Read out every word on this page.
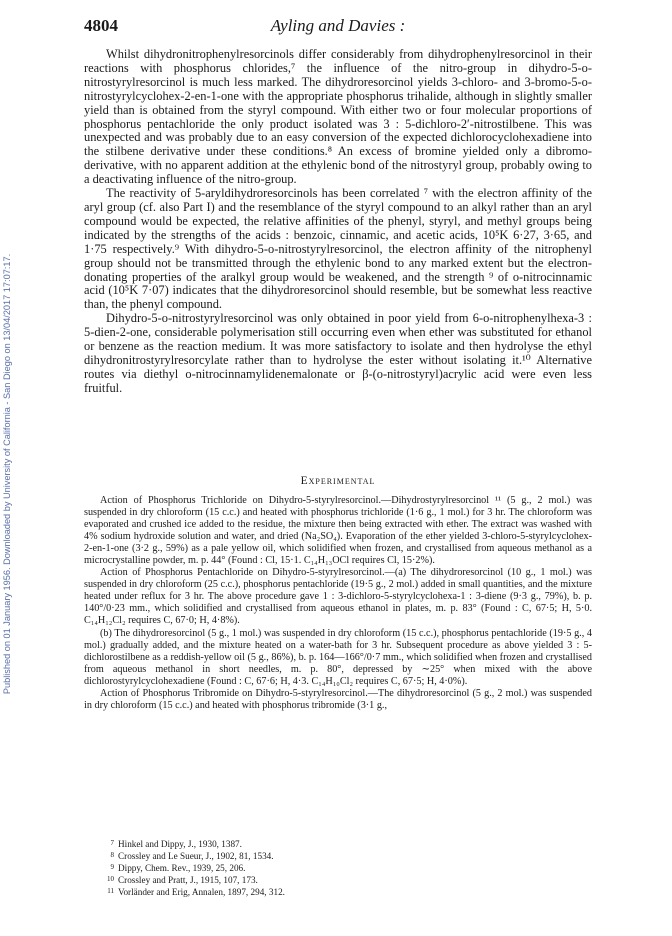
4804	Ayling and Davies :
Published on 01 January 1956. Downloaded by University of California - San Diego on 13/04/2017 17:07:17.

Whilst dihydronitrophenylresorcinols differ considerably from dihydrophenylresorcinol in their reactions with phosphorus chlorides,⁷ the influence of the nitro-group in dihydro-5-o-nitrostyrylresorcinol is much less marked. The dihydroresorcinol yields 3-chloro- and 3-bromo-5-o-nitrostyrylcyclohex-2-en-1-one with the appropriate phosphorus trihalide, although in slightly smaller yield than is obtained from the styryl compound. With either two or four molecular proportions of phosphorus pentachloride the only product isolated was 3 : 5-dichloro-2′-nitrostilbene. This was unexpected and was probably due to an easy conversion of the expected dichlorocyclohexadiene into the stilbene derivative under these conditions.⁸ An excess of bromine yielded only a dibromo-derivative, with no apparent addition at the ethylenic bond of the nitrostyryl group, probably owing to a deactivating influence of the nitro-group.

The reactivity of 5-aryldihydroresorcinols has been correlated ⁷ with the electron affinity of the aryl group (cf. also Part I) and the resemblance of the styryl compound to an alkyl rather than an aryl compound would be expected, the relative affinities of the phenyl, styryl, and methyl groups being indicated by the strengths of the acids : benzoic, cinnamic, and acetic acids, 10⁵K 6·27, 3·65, and 1·75 respectively.⁹ With dihydro-5-o-nitrostyrylresorcinol, the electron affinity of the nitrophenyl group should not be transmitted through the ethylenic bond to any marked extent but the electron-donating properties of the aralkyl group would be weakened, and the strength ⁹ of o-nitrocinnamic acid (10⁵K 7·07) indicates that the dihydroresorcinol should resemble, but be somewhat less reactive than, the phenyl compound.

Dihydro-5-o-nitrostyrylresorcinol was only obtained in poor yield from 6-o-nitrophenylhexa-3 : 5-dien-2-one, considerable polymerisation still occurring even when ether was substituted for ethanol or benzene as the reaction medium. It was more satisfactory to isolate and then hydrolyse the ethyl dihydronitrostyrylresorcylate rather than to hydrolyse the ester without isolating it.¹⁰ Alternative routes via diethyl o-nitrocinnamylidenemalonate or β-(o-nitrostyryl)acrylic acid were even less fruitful.

Experimental

Action of Phosphorus Trichloride on Dihydro-5-styrylresorcinol.—Dihydrostyrylresorcinol ¹¹ (5 g., 2 mol.) was suspended in dry chloroform (15 c.c.) and heated with phosphorus trichloride (1·6 g., 1 mol.) for 3 hr. The chloroform was evaporated and crushed ice added to the residue, the mixture then being extracted with ether. The extract was washed with 4% sodium hydroxide solution and water, and dried (Na₂SO₄). Evaporation of the ether yielded 3-chloro-5-styrylcyclohex-2-en-1-one (3·2 g., 59%) as a pale yellow oil, which solidified when frozen, and crystallised from aqueous methanol as a microcrystalline powder, m. p. 44° (Found : Cl, 15·1. C₁₄H₁₃OCl requires Cl, 15·2%).

Action of Phosphorus Pentachloride on Dihydro-5-styrylresorcinol.—(a) The dihydroresorcinol (10 g., 1 mol.) was suspended in dry chloroform (25 c.c.), phosphorus pentachloride (19·5 g., 2 mol.) added in small quantities, and the mixture heated under reflux for 3 hr. The above procedure gave 1 : 3-dichloro-5-styrylcyclohexa-1 : 3-diene (9·3 g., 79%), b. p. 140°/0·23 mm., which solidified and crystallised from aqueous ethanol in plates, m. p. 83° (Found : C, 67·5; H, 5·0. C₁₄H₁₂Cl₂ requires C, 67·0; H, 4·8%).

(b) The dihydroresorcinol (5 g., 1 mol.) was suspended in dry chloroform (15 c.c.), phosphorus pentachloride (19·5 g., 4 mol.) gradually added, and the mixture heated on a water-bath for 3 hr. Subsequent procedure as above yielded 3 : 5-dichlorostilbene as a reddish-yellow oil (5 g., 86%), b. p. 164—166°/0·7 mm., which solidified when frozen and crystallised from aqueous methanol in short needles, m. p. 80°, depressed by ∼25° when mixed with the above dichlorostyrylcyclohexadiene (Found : C, 67·6; H, 4·3. C₁₄H₁₀Cl₂ requires C, 67·5; H, 4·0%).

Action of Phosphorus Tribromide on Dihydro-5-styrylresorcinol.—The dihydroresorcinol (5 g., 2 mol.) was suspended in dry chloroform (15 c.c.) and heated with phosphorus tribromide (3·1 g.,

7 Hinkel and Dippy, J., 1930, 1387.
8 Crossley and Le Sueur, J., 1902, 81, 1534.
9 Dippy, Chem. Rev., 1939, 25, 206.
10 Crossley and Pratt, J., 1915, 107, 173.
11 Vorländer and Erig, Annalen, 1897, 294, 312.
